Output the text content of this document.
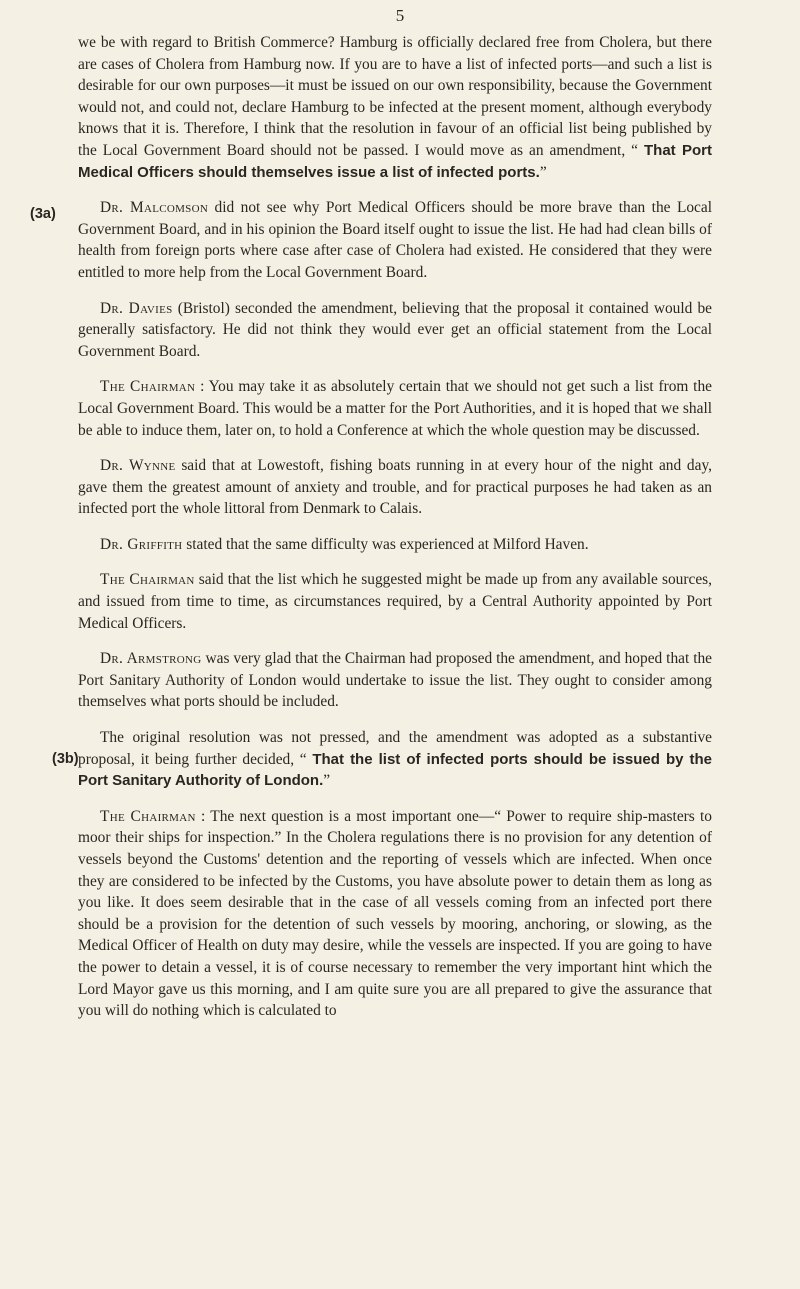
5

(3a)
we be with regard to British Commerce? Hamburg is officially declared free from Cholera, but there are cases of Cholera from Hamburg now. If you are to have a list of infected ports—and such a list is desirable for our own purposes—it must be issued on our own responsibility, because the Government would not, and could not, declare Hamburg to be infected at the present moment, although everybody knows that it is. Therefore, I think that the resolution in favour of an official list being published by the Local Government Board should not be passed. I would move as an amendment, “ That Port Medical Officers should themselves issue a list of infected ports.”

Dr. Malcomson did not see why Port Medical Officers should be more brave than the Local Government Board, and in his opinion the Board itself ought to issue the list. He had had clean bills of health from foreign ports where case after case of Cholera had existed. He considered that they were entitled to more help from the Local Government Board.

Dr. Davies (Bristol) seconded the amendment, believing that the proposal it contained would be generally satisfactory. He did not think they would ever get an official statement from the Local Government Board.

The Chairman : You may take it as absolutely certain that we should not get such a list from the Local Government Board. This would be a matter for the Port Authorities, and it is hoped that we shall be able to induce them, later on, to hold a Conference at which the whole question may be discussed.

Dr. Wynne said that at Lowestoft, fishing boats running in at every hour of the night and day, gave them the greatest amount of anxiety and trouble, and for practical purposes he had taken as an infected port the whole littoral from Denmark to Calais.

Dr. Griffith stated that the same difficulty was experienced at Milford Haven.

The Chairman said that the list which he suggested might be made up from any available sources, and issued from time to time, as circumstances required, by a Central Authority appointed by Port Medical Officers.

Dr. Armstrong was very glad that the Chairman had proposed the amendment, and hoped that the Port Sanitary Authority of London would undertake to issue the list. They ought to consider among themselves what ports should be included.

(3b)
The original resolution was not pressed, and the amendment was adopted as a substantive proposal, it being further decided, “ That the list of infected ports should be issued by the Port Sanitary Authority of London.”

The Chairman : The next question is a most important one—“ Power to require ship-masters to moor their ships for inspection.” In the Cholera regulations there is no provision for any detention of vessels beyond the Customs' detention and the reporting of vessels which are infected. When once they are considered to be infected by the Customs, you have absolute power to detain them as long as you like. It does seem desirable that in the case of all vessels coming from an infected port there should be a provision for the detention of such vessels by mooring, anchoring, or slowing, as the Medical Officer of Health on duty may desire, while the vessels are inspected. If you are going to have the power to detain a vessel, it is of course necessary to remember the very important hint which the Lord Mayor gave us this morning, and I am quite sure you are all prepared to give the assurance that you will do nothing which is calculated to
